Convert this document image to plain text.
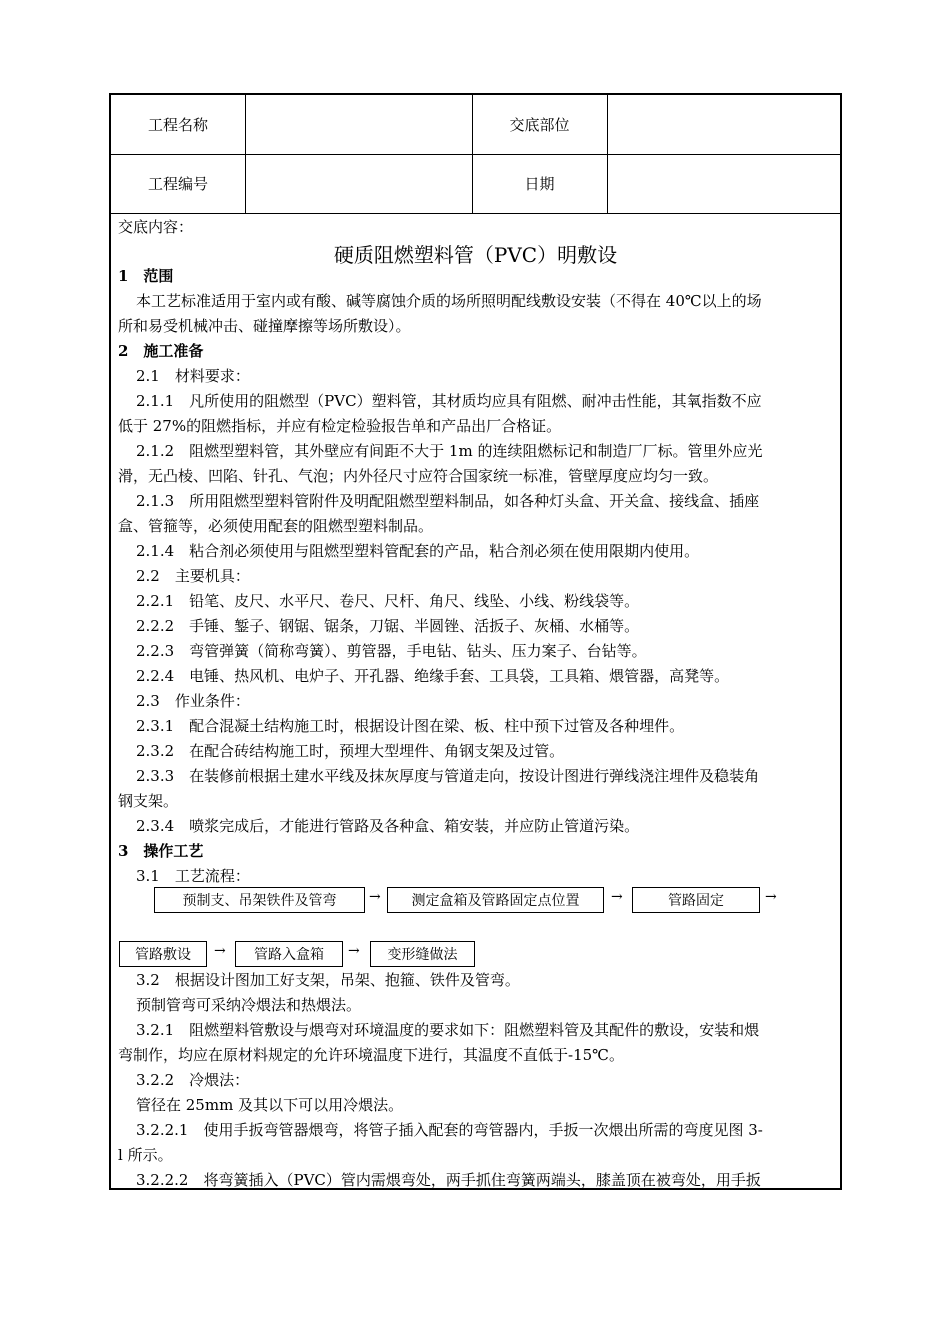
工程名称	交底部位
工程编号	日期
交底内容：
硬质阻燃塑料管（PVC）明敷设
1　范围
本工艺标准适用于室内或有酸、碱等腐蚀介质的场所照明配线敷设安装（不得在 40℃以上的场
所和易受机械冲击、碰撞摩擦等场所敷设）。
2　施工准备
2.1　材料要求：
2.1.1　凡所使用的阻燃型（PVC）塑料管，其材质均应具有阻燃、耐冲击性能，其氧指数不应
低于 27%的阻燃指标，并应有检定检验报告单和产品出厂合格证。
2.1.2　阻燃型塑料管，其外壁应有间距不大于 1m 的连续阻燃标记和制造厂厂标。管里外应光
滑，无凸棱、凹陷、针孔、气泡；内外径尺寸应符合国家统一标准，管壁厚度应均匀一致。
2.1.3　所用阻燃型塑料管附件及明配阻燃型塑料制品，如各种灯头盒、开关盒、接线盒、插座
盒、管箍等，必须使用配套的阻燃型塑料制品。
2.1.4　粘合剂必须使用与阻燃型塑料管配套的产品，粘合剂必须在使用限期内使用。
2.2　主要机具：
2.2.1　铅笔、皮尺、水平尺、卷尺、尺杆、角尺、线坠、小线、粉线袋等。
2.2.2　手锤、錾子、钢锯、锯条，刀锯、半圆锉、活扳子、灰桶、水桶等。
2.2.3　弯管弹簧（简称弯簧）、剪管器，手电钻、钻头、压力案子、台钻等。
2.2.4　电锤、热风机、电炉子、开孔器、绝缘手套、工具袋，工具箱、煨管器，高凳等。
2.3　作业条件：
2.3.1　配合混凝土结构施工时，根据设计图在梁、板、柱中预下过管及各种埋件。
2.3.2　在配合砖结构施工时，预埋大型埋件、角钢支架及过管。
2.3.3　在装修前根据土建水平线及抹灰厚度与管道走向，按设计图进行弹线浇注埋件及稳装角
钢支架。
2.3.4　喷浆完成后，才能进行管路及各种盒、箱安装，并应防止管道污染。
3　操作工艺
3.1　工艺流程：
预制支、吊架铁件及管弯	测定盒箱及管路固定点位置	管路固定
管路敷设	管路入盒箱	变形缝做法
→	→	→
→	→
3.2　根据设计图加工好支架，吊架、抱箍、铁件及管弯。
预制管弯可采纳冷煨法和热煨法。
3.2.1　阻燃塑料管敷设与煨弯对环境温度的要求如下：阻燃塑料管及其配件的敷设，安装和煨
弯制作，均应在原材料规定的允许环境温度下进行，其温度不直低于-15℃。
3.2.2　冷煨法：
管径在 25mm 及其以下可以用冷煨法。
3.2.2.1　使用手扳弯管器煨弯，将管子插入配套的弯管器内，手扳一次煨出所需的弯度见图 3-
l 所示。
3.2.2.2　将弯簧插入（PVC）管内需煨弯处，两手抓住弯簧两端头，膝盖顶在被弯处，用手扳
